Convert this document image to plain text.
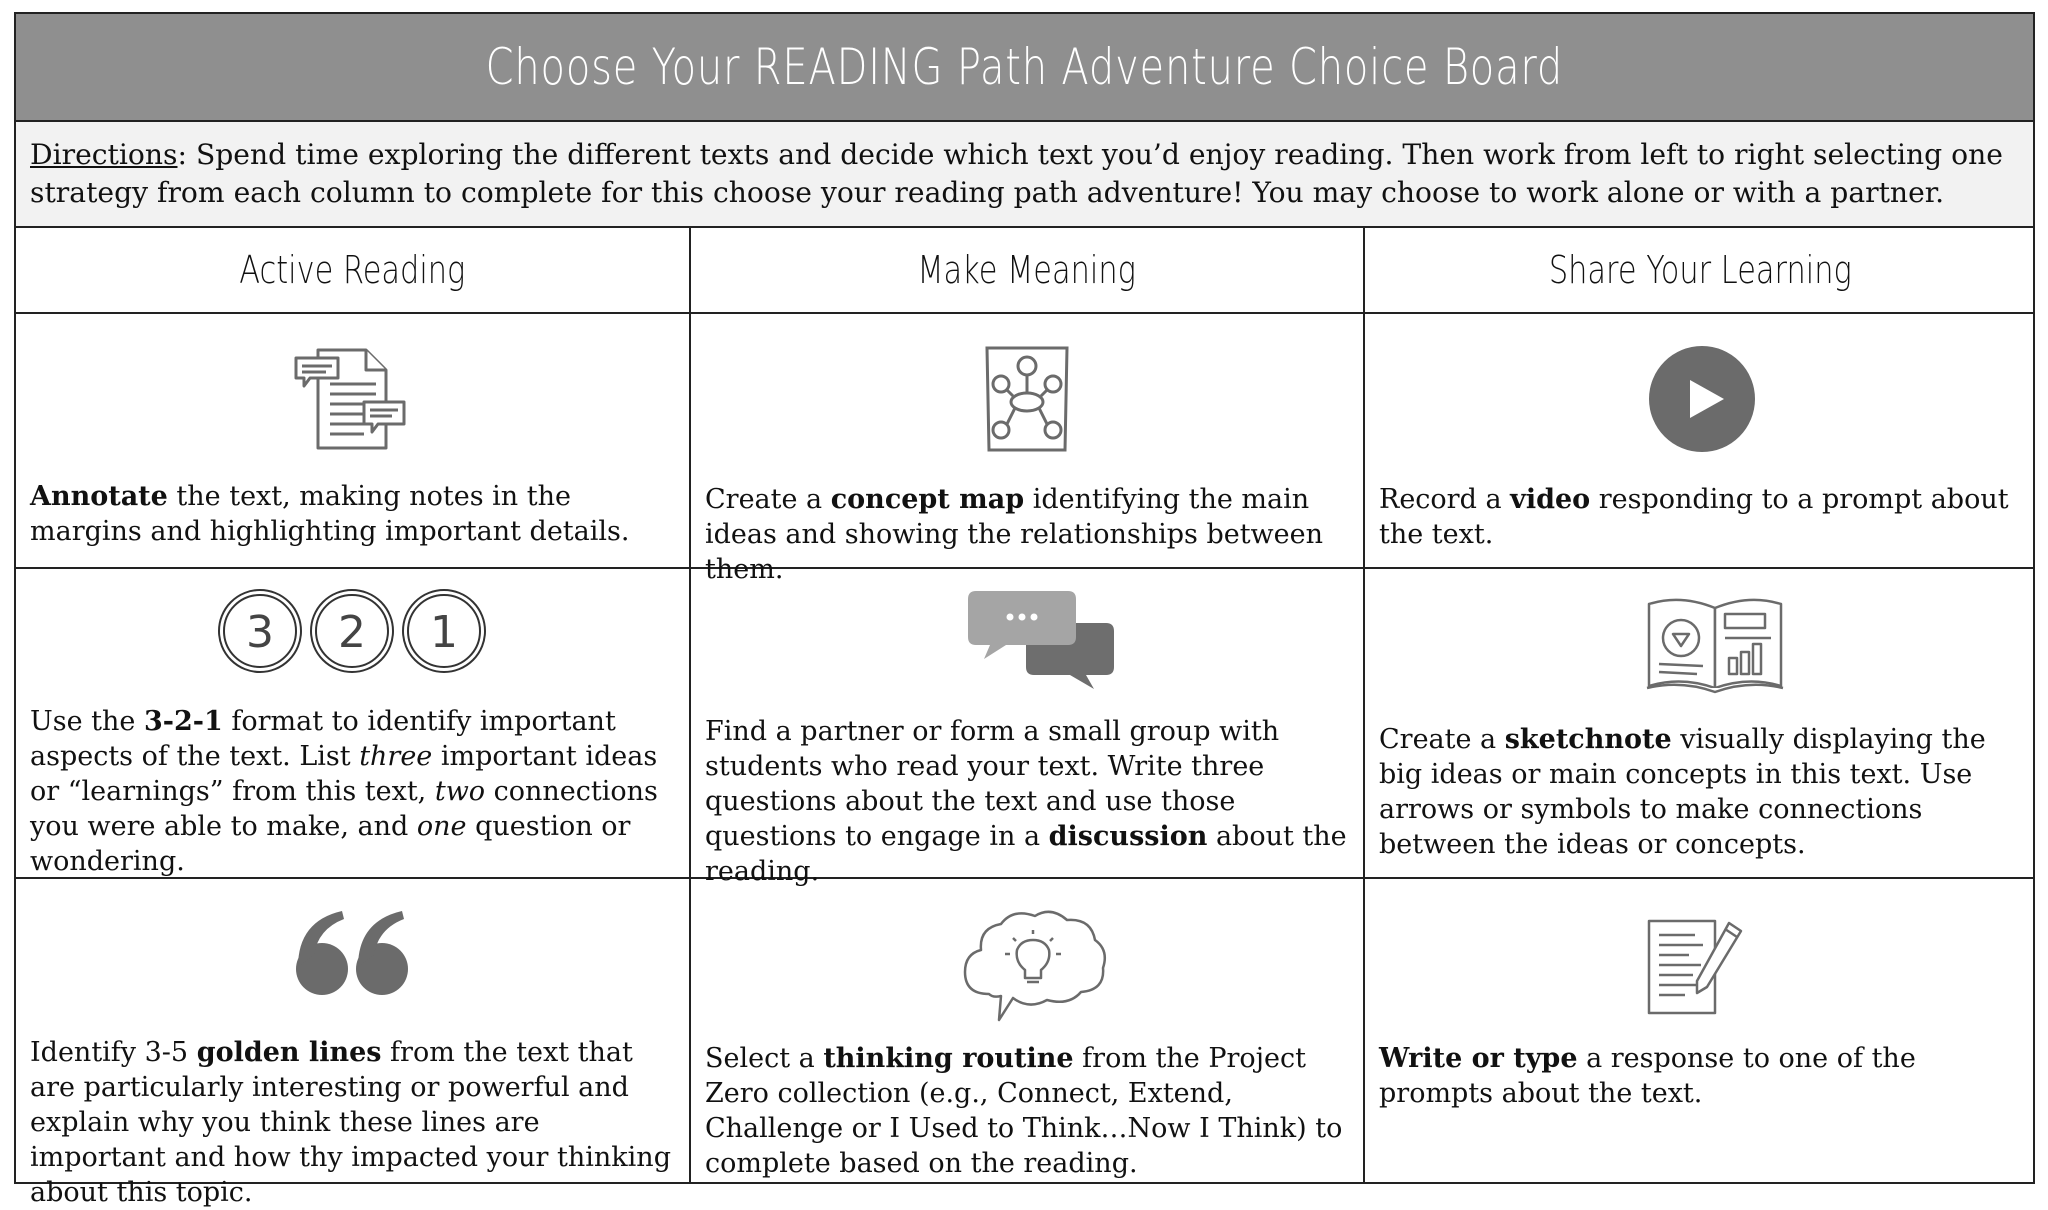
Choose Your READING Path Adventure Choice Board
Directions: Spend time exploring the different texts and decide which text you’d enjoy reading. Then work from left to right selecting one strategy from each column to complete for this choose your reading path adventure! You may choose to work alone or with a partner.
Active Reading	Make Meaning	Share Your Learning
Annotate the text, making notes in the margins and highlighting important details.
Create a concept map identifying the main ideas and showing the relationships between them.
Record a video responding to a prompt about the text.
3 2 1
Use the 3-2-1 format to identify important aspects of the text. List three important ideas or “learnings” from this text, two connections you were able to make, and one question or wondering.
Find a partner or form a small group with students who read your text. Write three questions about the text and use those questions to engage in a discussion about the reading.
Create a sketchnote visually displaying the big ideas or main concepts in this text. Use arrows or symbols to make connections between the ideas or concepts.
Identify 3-5 golden lines from the text that are particularly interesting or powerful and explain why you think these lines are important and how thy impacted your thinking about this topic.
Select a thinking routine from the Project Zero collection (e.g., Connect, Extend, Challenge or I Used to Think…Now I Think) to complete based on the reading.
Write or type a response to one of the prompts about the text.
